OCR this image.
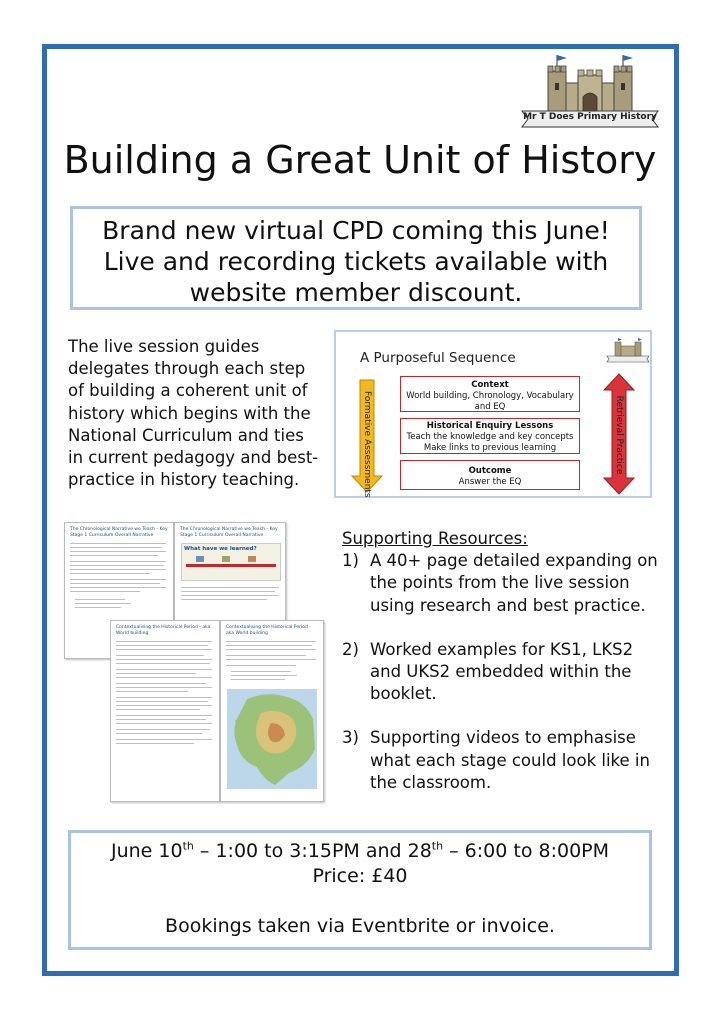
Mr T Does Primary History
Building a Great Unit of History
Brand new virtual CPD coming this June!
Live and recording tickets available with
website member discount.
The live session guides delegates through each step of building a coherent unit of history which begins with the National Curriculum and ties in current pedagogy and best-practice in history teaching.
A Purposeful Sequence
Formative Assessments	Retrieval Practice
Context
World building, Chronology, Vocabulary and EQ
Historical Enquiry Lessons
Teach the knowledge and key concepts Make links to previous learning
Outcome
Answer the EQ
The Chronological Narrative we Teach - Key Stage 1 Curriculum Overall Narrative
The Chronological Narrative we Teach - Key Stage 1 Curriculum Overall Narrative
What have we learned?
Contextualising the Historical Period - aka World building
Contextualising the Historical Period - aka World building
Supporting Resources:
1) A 40+ page detailed expanding on the points from the live session using research and best practice.
2) Worked examples for KS1, LKS2 and UKS2 embedded within the booklet.
3) Supporting videos to emphasise what each stage could look like in the classroom.
June 10th – 1:00 to 3:15PM and 28th – 6:00 to 8:00PM
Price: £40
Bookings taken via Eventbrite or invoice.
